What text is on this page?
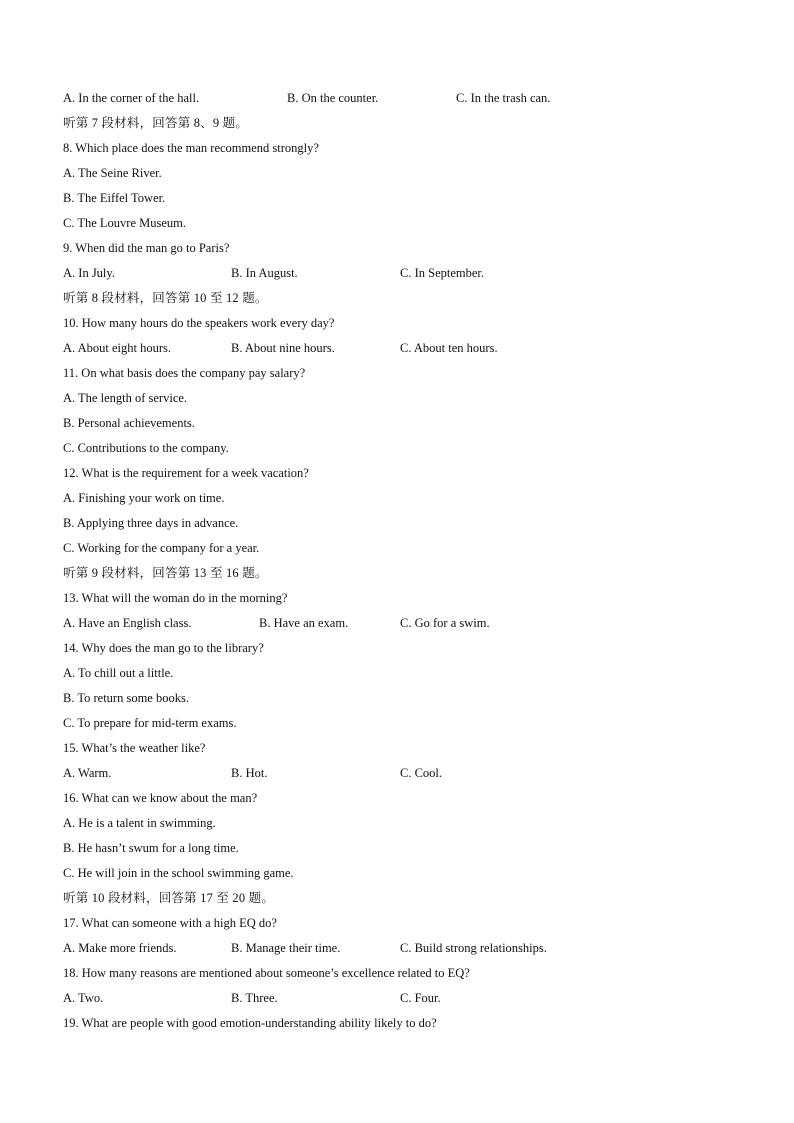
A. In the corner of the hall.	B. On the counter.	C. In the trash can.
听第 7 段材料，回答第 8、9 题。
8. Which place does the man recommend strongly?
A. The Seine River.
B. The Eiffel Tower.
C. The Louvre Museum.
9. When did the man go to Paris?
A. In July.	B. In August.	C. In September.
听第 8 段材料，回答第 10 至 12 题。
10. How many hours do the speakers work every day?
A. About eight hours.	B. About nine hours.	C. About ten hours.
11. On what basis does the company pay salary?
A. The length of service.
B. Personal achievements.
C. Contributions to the company.
12. What is the requirement for a week vacation?
A. Finishing your work on time.
B. Applying three days in advance.
C. Working for the company for a year.
听第 9 段材料，回答第 13 至 16 题。
13. What will the woman do in the morning?
A. Have an English class.	B. Have an exam.	C. Go for a swim.
14. Why does the man go to the library?
A. To chill out a little.
B. To return some books.
C. To prepare for mid-term exams.
15. What’s the weather like?
A. Warm.	B. Hot.	C. Cool.
16. What can we know about the man?
A. He is a talent in swimming.
B. He hasn’t swum for a long time.
C. He will join in the school swimming game.
听第 10 段材料，回答第 17 至 20 题。
17. What can someone with a high EQ do?
A. Make more friends.	B. Manage their time.	C. Build strong relationships.
18. How many reasons are mentioned about someone’s excellence related to EQ?
A. Two.	B. Three.	C. Four.
19. What are people with good emotion-understanding ability likely to do?
